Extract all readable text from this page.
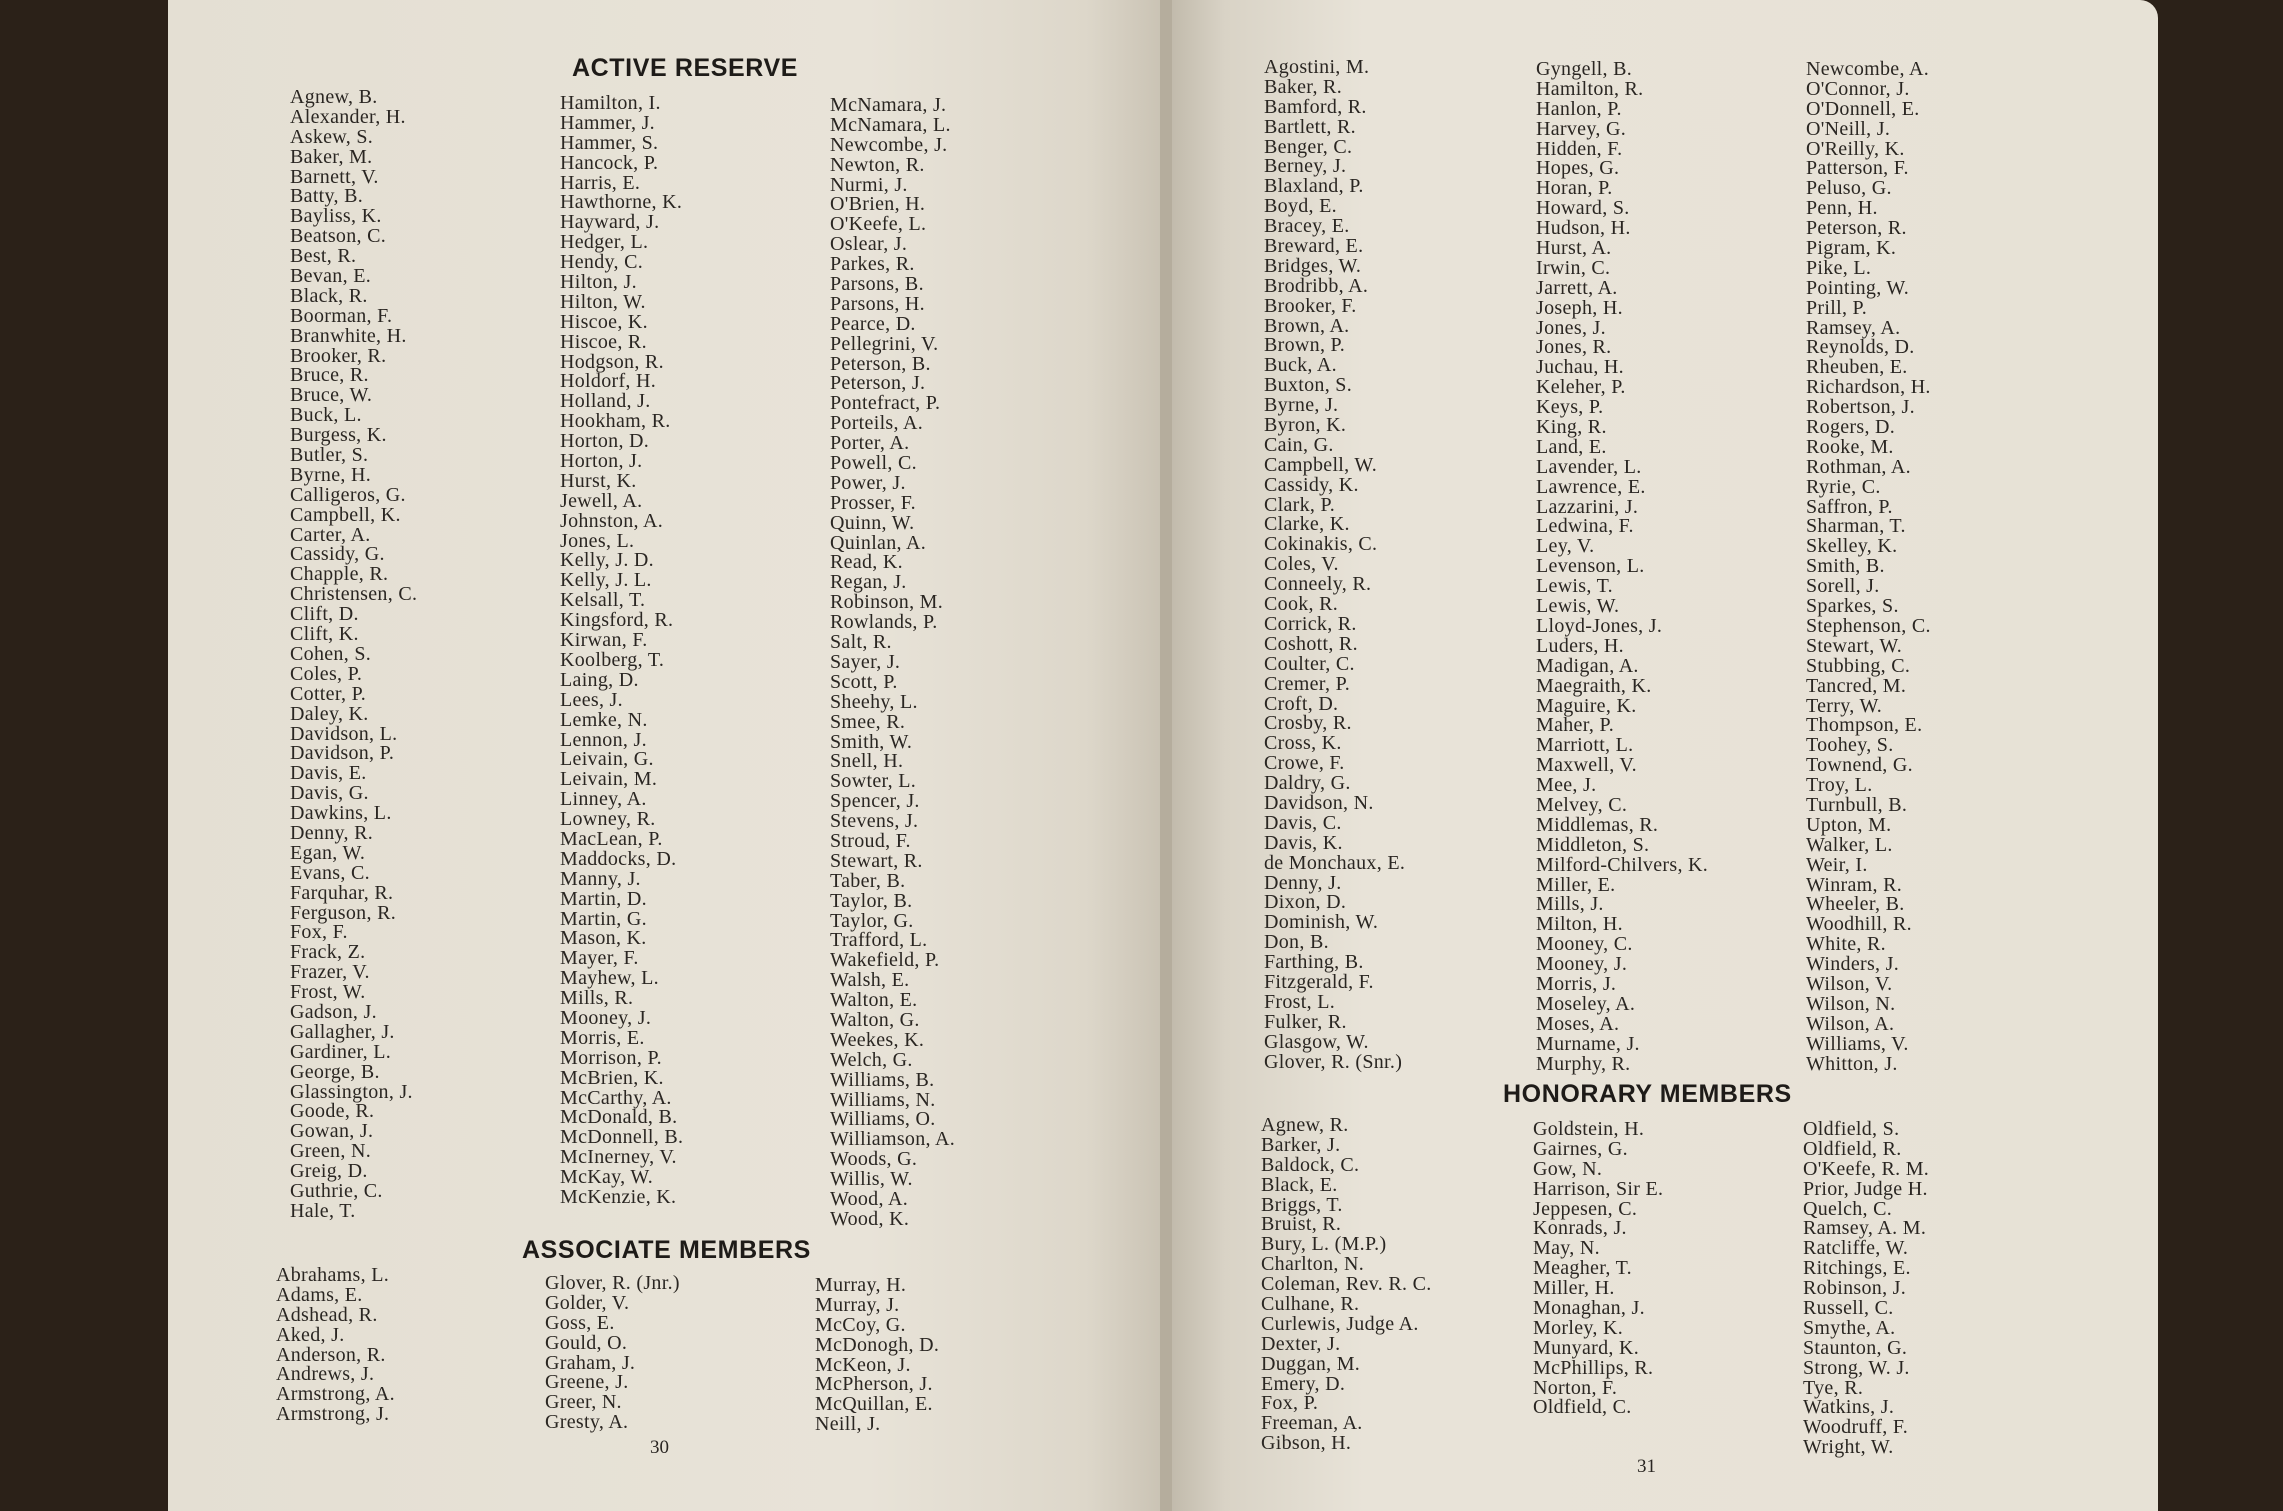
ACTIVE RESERVE
Agnew, B.
Alexander, H.
Askew, S.
Baker, M.
Barnett, V.
Batty, B.
Bayliss, K.
Beatson, C.
Best, R.
Bevan, E.
Black, R.
Boorman, F.
Branwhite, H.
Brooker, R.
Bruce, R.
Bruce, W.
Buck, L.
Burgess, K.
Butler, S.
Byrne, H.
Calligeros, G.
Campbell, K.
Carter, A.
Cassidy, G.
Chapple, R.
Christensen, C.
Clift, D.
Clift, K.
Cohen, S.
Coles, P.
Cotter, P.
Daley, K.
Davidson, L.
Davidson, P.
Davis, E.
Davis, G.
Dawkins, L.
Denny, R.
Egan, W.
Evans, C.
Farquhar, R.
Ferguson, R.
Fox, F.
Frack, Z.
Frazer, V.
Frost, W.
Gadson, J.
Gallagher, J.
Gardiner, L.
George, B.
Glassington, J.
Goode, R.
Gowan, J.
Green, N.
Greig, D.
Guthrie, C.
Hale, T.
Hamilton, I.
Hammer, J.
Hammer, S.
Hancock, P.
Harris, E.
Hawthorne, K.
Hayward, J.
Hedger, L.
Hendy, C.
Hilton, J.
Hilton, W.
Hiscoe, K.
Hiscoe, R.
Hodgson, R.
Holdorf, H.
Holland, J.
Hookham, R.
Horton, D.
Horton, J.
Hurst, K.
Jewell, A.
Johnston, A.
Jones, L.
Kelly, J. D.
Kelly, J. L.
Kelsall, T.
Kingsford, R.
Kirwan, F.
Koolberg, T.
Laing, D.
Lees, J.
Lemke, N.
Lennon, J.
Leivain, G.
Leivain, M.
Linney, A.
Lowney, R.
MacLean, P.
Maddocks, D.
Manny, J.
Martin, D.
Martin, G.
Mason, K.
Mayer, F.
Mayhew, L.
Mills, R.
Mooney, J.
Morris, E.
Morrison, P.
McBrien, K.
McCarthy, A.
McDonald, B.
McDonnell, B.
McInerney, V.
McKay, W.
McKenzie, K.
McNamara, J.
McNamara, L.
Newcombe, J.
Newton, R.
Nurmi, J.
O'Brien, H.
O'Keefe, L.
Oslear, J.
Parkes, R.
Parsons, B.
Parsons, H.
Pearce, D.
Pellegrini, V.
Peterson, B.
Peterson, J.
Pontefract, P.
Porteils, A.
Porter, A.
Powell, C.
Power, J.
Prosser, F.
Quinn, W.
Quinlan, A.
Read, K.
Regan, J.
Robinson, M.
Rowlands, P.
Salt, R.
Sayer, J.
Scott, P.
Sheehy, L.
Smee, R.
Smith, W.
Snell, H.
Sowter, L.
Spencer, J.
Stevens, J.
Stroud, F.
Stewart, R.
Taber, B.
Taylor, B.
Taylor, G.
Trafford, L.
Wakefield, P.
Walsh, E.
Walton, E.
Walton, G.
Weekes, K.
Welch, G.
Williams, B.
Williams, N.
Williams, O.
Williamson, A.
Woods, G.
Willis, W.
Wood, A.
Wood, K.
ASSOCIATE MEMBERS
Abrahams, L.
Adams, E.
Adshead, R.
Aked, J.
Anderson, R.
Andrews, J.
Armstrong, A.
Armstrong, J.
Glover, R. (Jnr.)
Golder, V.
Goss, E.
Gould, O.
Graham, J.
Greene, J.
Greer, N.
Gresty, A.
Murray, H.
Murray, J.
McCoy, G.
McDonogh, D.
McKeon, J.
McPherson, J.
McQuillan, E.
Neill, J.
30
Agostini, M.
Baker, R.
Bamford, R.
Bartlett, R.
Benger, C.
Berney, J.
Blaxland, P.
Boyd, E.
Bracey, E.
Breward, E.
Bridges, W.
Brodribb, A.
Brooker, F.
Brown, A.
Brown, P.
Buck, A.
Buxton, S.
Byrne, J.
Byron, K.
Cain, G.
Campbell, W.
Cassidy, K.
Clark, P.
Clarke, K.
Cokinakis, C.
Coles, V.
Conneely, R.
Cook, R.
Corrick, R.
Coshott, R.
Coulter, C.
Cremer, P.
Croft, D.
Crosby, R.
Cross, K.
Crowe, F.
Daldry, G.
Davidson, N.
Davis, C.
Davis, K.
de Monchaux, E.
Denny, J.
Dixon, D.
Dominish, W.
Don, B.
Farthing, B.
Fitzgerald, F.
Frost, L.
Fulker, R.
Glasgow, W.
Glover, R. (Snr.)
Gyngell, B.
Hamilton, R.
Hanlon, P.
Harvey, G.
Hidden, F.
Hopes, G.
Horan, P.
Howard, S.
Hudson, H.
Hurst, A.
Irwin, C.
Jarrett, A.
Joseph, H.
Jones, J.
Jones, R.
Juchau, H.
Keleher, P.
Keys, P.
King, R.
Land, E.
Lavender, L.
Lawrence, E.
Lazzarini, J.
Ledwina, F.
Ley, V.
Levenson, L.
Lewis, T.
Lewis, W.
Lloyd-Jones, J.
Luders, H.
Madigan, A.
Maegraith, K.
Maguire, K.
Maher, P.
Marriott, L.
Maxwell, V.
Mee, J.
Melvey, C.
Middlemas, R.
Middleton, S.
Milford-Chilvers, K.
Miller, E.
Mills, J.
Milton, H.
Mooney, C.
Mooney, J.
Morris, J.
Moseley, A.
Moses, A.
Murname, J.
Murphy, R.
Newcombe, A.
O'Connor, J.
O'Donnell, E.
O'Neill, J.
O'Reilly, K.
Patterson, F.
Peluso, G.
Penn, H.
Peterson, R.
Pigram, K.
Pike, L.
Pointing, W.
Prill, P.
Ramsey, A.
Reynolds, D.
Rheuben, E.
Richardson, H.
Robertson, J.
Rogers, D.
Rooke, M.
Rothman, A.
Ryrie, C.
Saffron, P.
Sharman, T.
Skelley, K.
Smith, B.
Sorell, J.
Sparkes, S.
Stephenson, C.
Stewart, W.
Stubbing, C.
Tancred, M.
Terry, W.
Thompson, E.
Toohey, S.
Townend, G.
Troy, L.
Turnbull, B.
Upton, M.
Walker, L.
Weir, I.
Winram, R.
Wheeler, B.
Woodhill, R.
White, R.
Winders, J.
Wilson, V.
Wilson, N.
Wilson, A.
Williams, V.
Whitton, J.
HONORARY MEMBERS
Agnew, R.
Barker, J.
Baldock, C.
Black, E.
Briggs, T.
Bruist, R.
Bury, L. (M.P.)
Charlton, N.
Coleman, Rev. R. C.
Culhane, R.
Curlewis, Judge A.
Dexter, J.
Duggan, M.
Emery, D.
Fox, P.
Freeman, A.
Gibson, H.
Goldstein, H.
Gairnes, G.
Gow, N.
Harrison, Sir E.
Jeppesen, C.
Konrads, J.
May, N.
Meagher, T.
Miller, H.
Monaghan, J.
Morley, K.
Munyard, K.
McPhillips, R.
Norton, F.
Oldfield, C.
Oldfield, S.
Oldfield, R.
O'Keefe, R. M.
Prior, Judge H.
Quelch, C.
Ramsey, A. M.
Ratcliffe, W.
Ritchings, E.
Robinson, J.
Russell, C.
Smythe, A.
Staunton, G.
Strong, W. J.
Tye, R.
Watkins, J.
Woodruff, F.
Wright, W.
31
